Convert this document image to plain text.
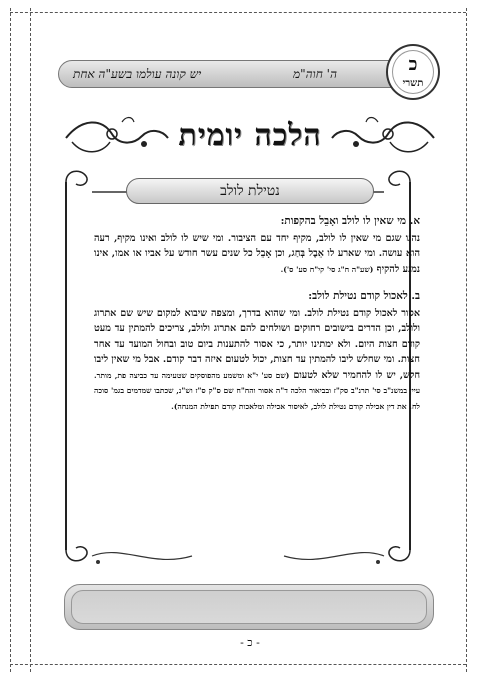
ה' חוה"מ
יש קונה עולמו בשע"ה אחת	כ
תשרי
הלכה יומית
נטילת לולב

א. מי שאין לו לולב ואָבֵל בהקפות:

נהגו שגם מי שאין לו לולב, מקיף יחד עם הציבור. ומי שיש לו לולב ואינו מקיף, רעה הוא עושה. ומי שארע לו אֵבֶל בְּחַג, וכן אָבֵל כל שנים עשר חודש על אביו או אמו, אינו נמנע להקיף (שע"ה ח"ג סי' קי"ח סע' ס').

ב. לאכול קודם נטילת לולב:

אסור לאכול קודם נטילת לולב. ומי שהוא בדרך, ומצפה שיבוא למקום שיש שם אתרוג ולולב, וכן הדרים בישובים רחוקים ושולחים להם אתרוג ולולב, צריכים להמתין עד מעט קודם חצות היום. ולא ימתינו יותר, כי אסור להתענות ביום טוב ובחול המועד עד אחר חצות. ומי שחלש ליבו להמתין עד חצות, יכול לטעום איזה דבר קודם. אבל מי שאין ליבו חלש, יש לו להחמיר שלא לטעום (שם סע' י"א ומשמע מהפוסקים שטעימה עד כביצה פת, מותר. עיין במשנ"ב סי' תרנ"ב סק"ז ובביאור הלכה ד"ה אסור והח"ח שם ס"ק ס"ז וש"נ, שכתבו שמדמים בגמ' סוכה לח. את דין אכילה קודם נטילת לולב, לאיסור אכילה ומלאכות קודם תפילת המנחה).

- כ -
